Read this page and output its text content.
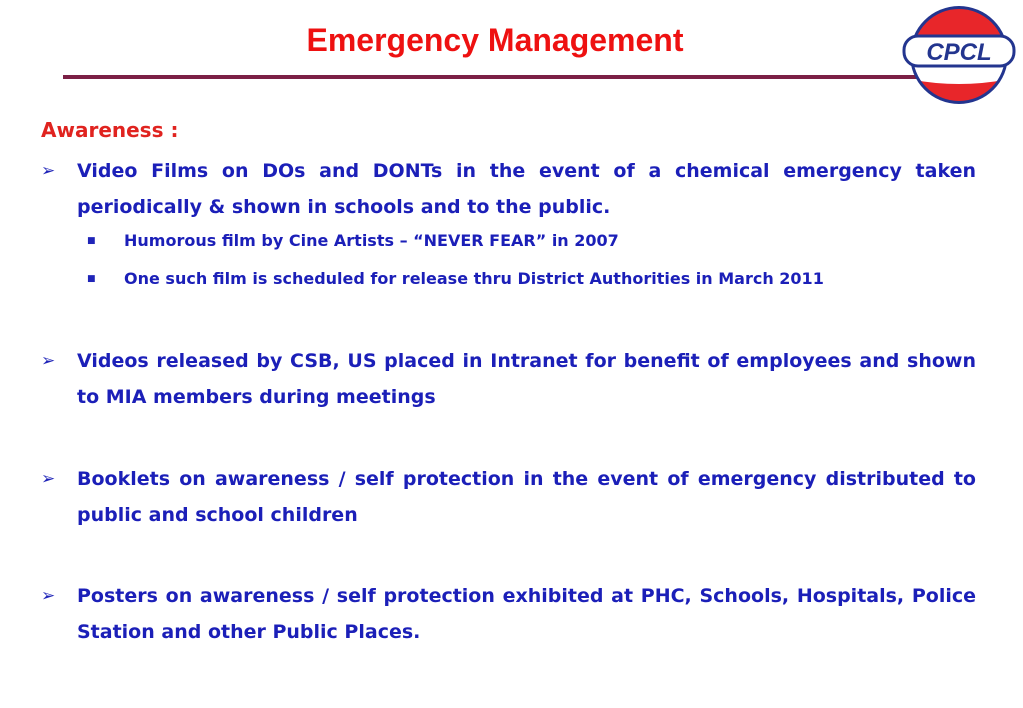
Emergency Management	CPCL
Awareness :
➢	Video Films on DOs and DONTs in the event of a chemical emergency taken periodically & shown in schools and to the public.

■	Humorous film by Cine Artists – “NEVER FEAR” in 2007
■	One such film is scheduled for release thru District Authorities in March 2011
➢	Videos released by CSB, US placed in Intranet for benefit of employees and shown to MIA members during meetings

➢	Booklets on awareness / self protection in the event of emergency distributed to public and school children

➢	Posters on awareness / self protection exhibited at PHC, Schools, Hospitals, Police Station and other Public Places.
